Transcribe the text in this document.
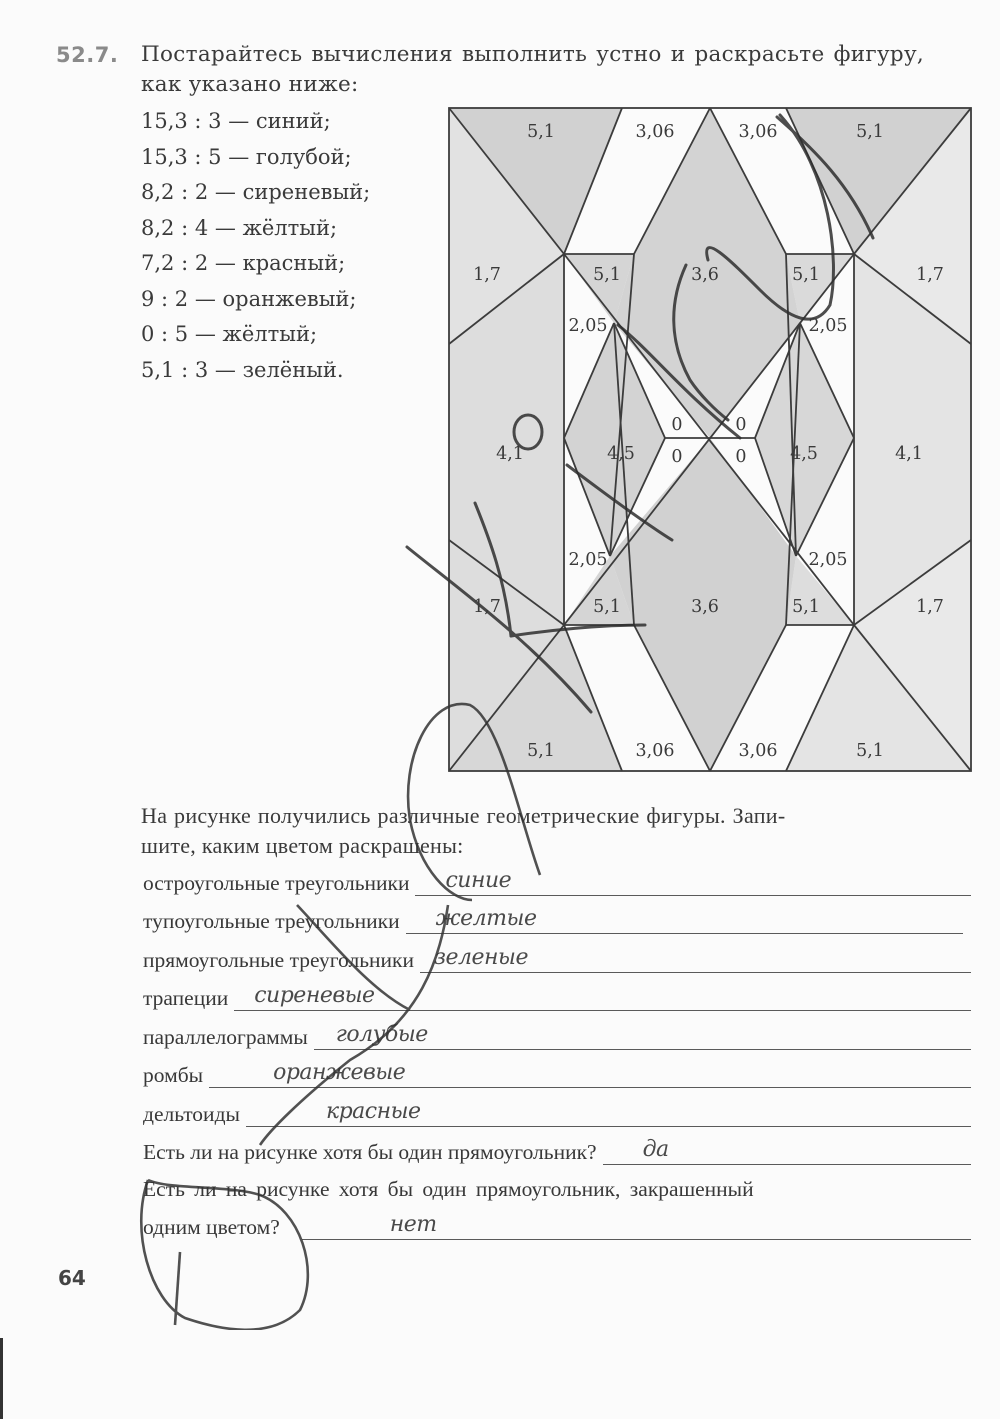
52.7. Постарайтесь вычисления выполнить устно и раскрасьте фигуру,
как указано ниже:
15,3 : 3 — синий;
15,3 : 5 — голубой;
8,2 : 2 — сиреневый;
8,2 : 4 — жёлтый;
7,2 : 2 — красный;
9 : 2 — оранжевый;
0 : 5 — жёлтый;
5,1 : 3 — зелёный.
5,1	3,06	3,06	5,1
1,7	5,1	3,6	5,1	1,7
2,05	2,05
0	0
4,1	4,5 0	0 4,5	4,1
2,05	2,05
1,7	5,1	3,6	5,1	1,7
5,1	3,06	3,06	5,1
На рисунке получились различные геометрические фигуры. Запи-
шите, каким цветом раскрашены:
остроугольные треугольники синие
тупоугольные треугольники желтые
прямоугольные треугольники зеленые
трапеции сиреневые
параллелограммы голубые
ромбы	оранжевые
дельтоиды	красные
Есть ли на рисунке хотя бы один прямоугольник? да
Есть ли на рисунке хотя бы один прямоугольник, закрашенный
одним цветом?	нет
64
